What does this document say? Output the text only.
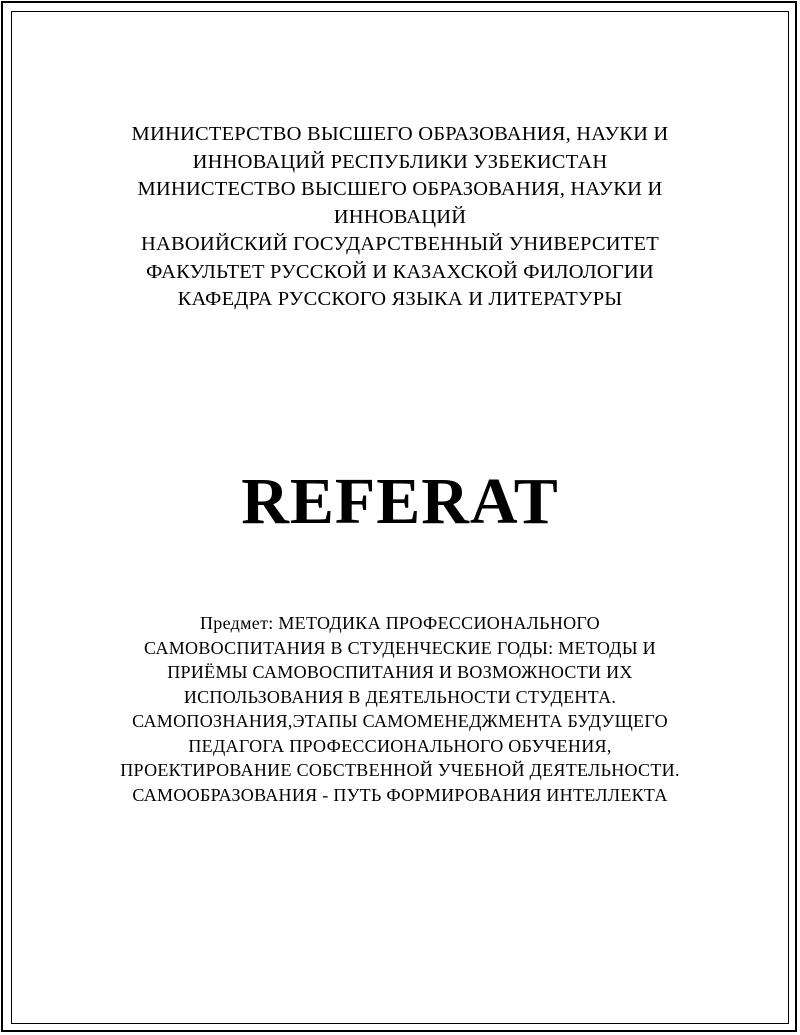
МИНИСТЕРСТВО ВЫСШЕГО ОБРАЗОВАНИЯ, НАУКИ И
ИННОВАЦИЙ РЕСПУБЛИКИ УЗБЕКИСТАН
МИНИСТЕСТВО ВЫСШЕГО ОБРАЗОВАНИЯ, НАУКИ И
ИННОВАЦИЙ
НАВОИЙСКИЙ ГОСУДАРСТВЕННЫЙ УНИВЕРСИТЕТ
ФАКУЛЬТЕТ РУССКОЙ И КАЗАХСКОЙ ФИЛОЛОГИИ
КАФЕДРА РУССКОГО ЯЗЫКА И ЛИТЕРАТУРЫ
REFERAT
Предмет: МЕТОДИКА ПРОФЕССИОНАЛЬНОГО
САМОВОСПИТАНИЯ В СТУДЕНЧЕСКИЕ ГОДЫ: МЕТОДЫ И
ПРИЁМЫ САМОВОСПИТАНИЯ И ВОЗМОЖНОСТИ ИХ
ИСПОЛЬЗОВАНИЯ В ДЕЯТЕЛЬНОСТИ СТУДЕНТА.
САМОПОЗНАНИЯ,ЭТАПЫ САМОМЕНЕДЖМЕНТА БУДУЩЕГО
ПЕДАГОГА ПРОФЕССИОНАЛЬНОГО ОБУЧЕНИЯ,
ПРОЕКТИРОВАНИЕ СОБСТВЕННОЙ УЧЕБНОЙ ДЕЯТЕЛЬНОСТИ.
САМООБРАЗОВАНИЯ - ПУТЬ ФОРМИРОВАНИЯ ИНТЕЛЛЕКТА
